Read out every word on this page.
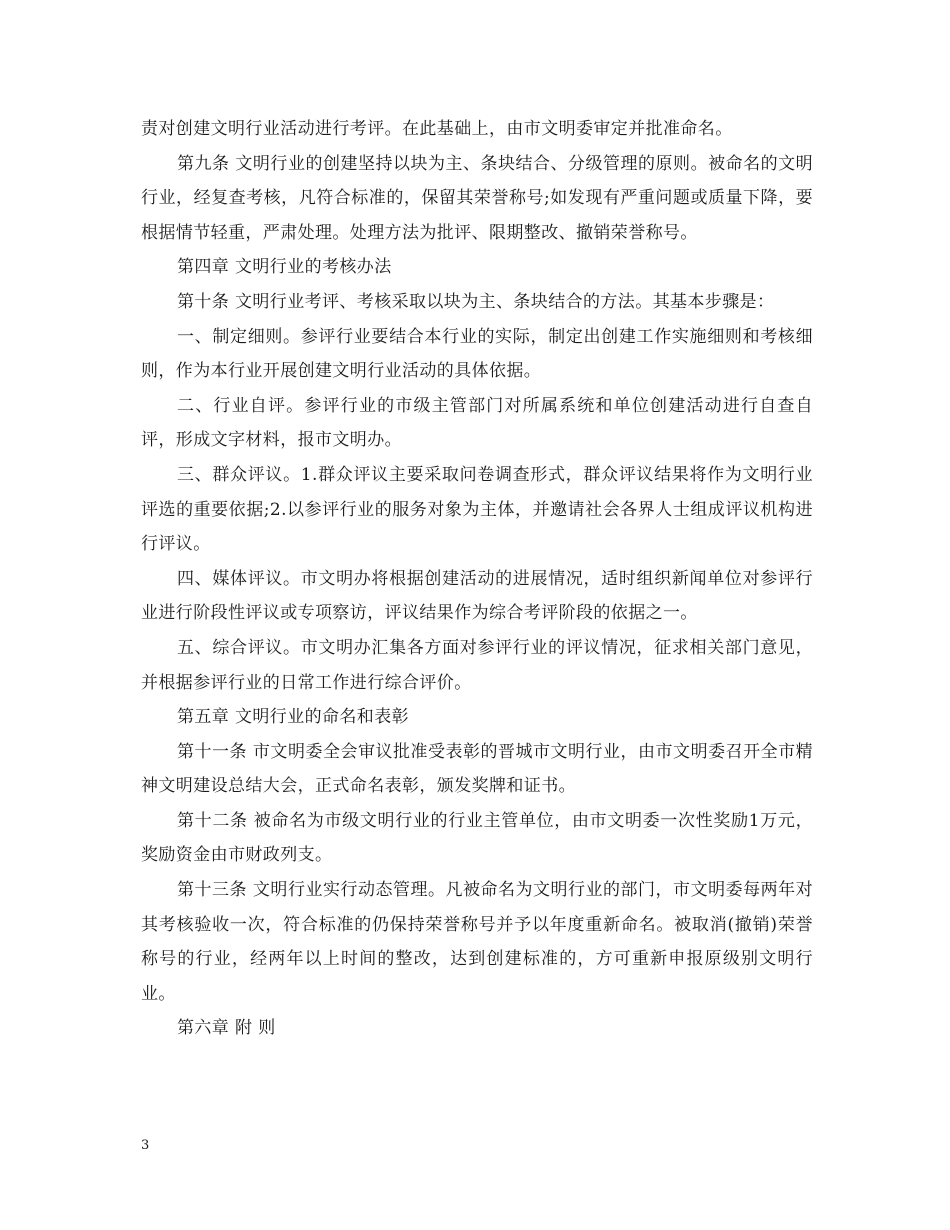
责对创建文明行业活动进行考评。在此基础上，由市文明委审定并批准命名。

第九条 文明行业的创建坚持以块为主、条块结合、分级管理的原则。被命名的文明行业，经复查考核，凡符合标准的，保留其荣誉称号;如发现有严重问题或质量下降，要根据情节轻重，严肃处理。处理方法为批评、限期整改、撤销荣誉称号。

第四章 文明行业的考核办法

第十条 文明行业考评、考核采取以块为主、条块结合的方法。其基本步骤是：

一、制定细则。参评行业要结合本行业的实际，制定出创建工作实施细则和考核细则，作为本行业开展创建文明行业活动的具体依据。

二、行业自评。参评行业的市级主管部门对所属系统和单位创建活动进行自查自评，形成文字材料，报市文明办。

三、群众评议。1.群众评议主要采取问卷调查形式，群众评议结果将作为文明行业评选的重要依据;2.以参评行业的服务对象为主体，并邀请社会各界人士组成评议机构进行评议。

四、媒体评议。市文明办将根据创建活动的进展情况，适时组织新闻单位对参评行业进行阶段性评议或专项察访，评议结果作为综合考评阶段的依据之一。

五、综合评议。市文明办汇集各方面对参评行业的评议情况，征求相关部门意见，并根据参评行业的日常工作进行综合评价。

第五章 文明行业的命名和表彰

第十一条 市文明委全会审议批准受表彰的晋城市文明行业，由市文明委召开全市精神文明建设总结大会，正式命名表彰，颁发奖牌和证书。

第十二条 被命名为市级文明行业的行业主管单位，由市文明委一次性奖励1万元，奖励资金由市财政列支。

第十三条 文明行业实行动态管理。凡被命名为文明行业的部门，市文明委每两年对其考核验收一次，符合标准的仍保持荣誉称号并予以年度重新命名。被取消(撤销)荣誉称号的行业，经两年以上时间的整改，达到创建标准的，方可重新申报原级别文明行业。

第六章 附 则

3
